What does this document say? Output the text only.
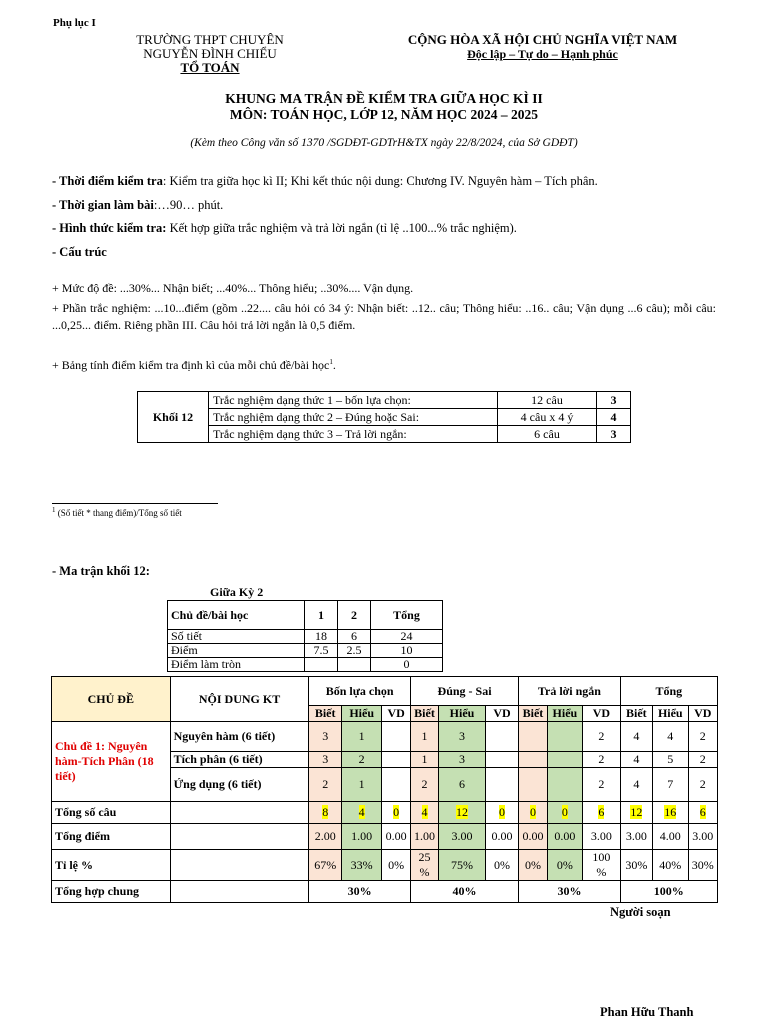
Phụ lục I
TRƯỜNG THPT CHUYÊN
NGUYỄN ĐÌNH CHIỂU
TỔ TOÁN
CỘNG HÒA XÃ HỘI CHỦ NGHĨA VIỆT NAM
Độc lập – Tự do – Hạnh phúc
KHUNG MA TRẬN ĐỀ KIỂM TRA GIỮA HỌC KÌ II
MÔN: TOÁN HỌC, LỚP 12, NĂM HỌC 2024 – 2025
(Kèm theo Công văn số 1370 /SGDĐT-GDTrH&TX ngày 22/8/2024, của Sở GDĐT)
- Thời điểm kiểm tra: Kiểm tra giữa học kì II; Khi kết thúc nội dung: Chương IV. Nguyên hàm – Tích phân.
- Thời gian làm bài:…90… phút.
- Hình thức kiểm tra: Kết hợp giữa trắc nghiệm và trả lời ngắn (tỉ lệ ..100...% trắc nghiệm).
- Cấu trúc
+ Mức độ đề: ...30%... Nhận biết; ...40%... Thông hiểu; ..30%.... Vận dụng.
+ Phần trắc nghiệm: ...10...điểm (gồm ..22.... câu hỏi có 34 ý: Nhận biết: ..12.. câu; Thông hiểu: ..16.. câu; Vận dụng ...6 câu); mỗi câu: ...0,25... điểm. Riêng phần III. Câu hỏi trả lời ngắn là 0,5 điểm.
+ Bảng tính điểm kiểm tra định kì của mỗi chủ đề/bài học$^1$.
Khối 12	Trắc nghiệm dạng thức 1 – bốn lựa chọn:	12 câu	3
	Trắc nghiệm dạng thức 2 – Đúng hoặc Sai:	4 câu x 4 ý	4
	Trắc nghiệm dạng thức 3 – Trả lời ngắn:	6 câu	3
$^1$ (Số tiết * thang điểm)/Tổng số tiết
- Ma trận khối 12:
Giữa Kỳ 2
Chủ đề/bài học	1	2	Tổng
Số tiết	18	6	24
Điểm	7.5	2.5	10
Điểm làm tròn			0
CHỦ ĐỀ	NỘI DUNG KT	Bốn lựa chọn			Đúng - Sai			Trả lời ngắn			Tổng		
		Biết	Hiểu	VD	Biết	Hiểu	VD	Biết	Hiểu	VD	Biết	Hiểu	VD
Chủ đề 1: Nguyên hàm-Tích Phân (18 tiết)	Nguyên hàm (6 tiết)	3	1		1	3				2	4	4	2
	Tích phân (6 tiết)	3	2		1	3				2	4	5	2
	Ứng dụng (6 tiết)	2	1		2	6				2	4	7	2
Tổng số câu		8	4	0	4	12	0	0	0	6	12	16	6
Tổng điểm		2.00	1.00	0.00	1.00	3.00	0.00	0.00	0.00	3.00	3.00	4.00	3.00
Tỉ lệ %		67%	33%	0%	25 %	75%	0%	0%	0%	100 %	30%	40%	30%
Tổng hợp chung		30%			40%			30%			100%		
Người soạn
Phan Hữu Thanh
